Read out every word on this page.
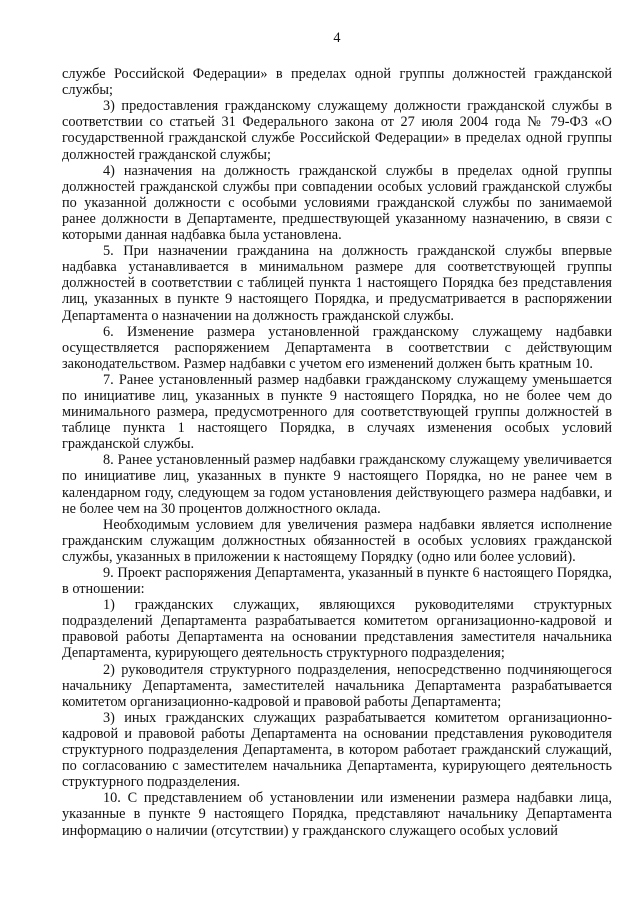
4

службе Российской Федерации» в пределах одной группы должностей гражданской службы;

3) предоставления гражданскому служащему должности гражданской службы в соответствии со статьей 31 Федерального закона от 27 июля 2004 года № 79-ФЗ «О государственной гражданской службе Российской Федерации» в пределах одной группы должностей гражданской службы;

4) назначения на должность гражданской службы в пределах одной группы должностей гражданской службы при совпадении особых условий гражданской службы по указанной должности с особыми условиями гражданской службы по занимаемой ранее должности в Департаменте, предшествующей указанному назначению, в связи с которыми данная надбавка была установлена.

5. При назначении гражданина на должность гражданской службы впервые надбавка устанавливается в минимальном размере для соответствующей группы должностей в соответствии с таблицей пункта 1 настоящего Порядка без представления лиц, указанных в пункте 9 настоящего Порядка, и предусматривается в распоряжении Департамента о назначении на должность гражданской службы.

6. Изменение размера установленной гражданскому служащему надбавки осуществляется распоряжением Департамента в соответствии с действующим законодательством. Размер надбавки с учетом его изменений должен быть кратным 10.

7. Ранее установленный размер надбавки гражданскому служащему уменьшается по инициативе лиц, указанных в пункте 9 настоящего Порядка, но не более чем до минимального размера, предусмотренного для соответствующей группы должностей в таблице пункта 1 настоящего Порядка, в случаях изменения особых условий гражданской службы.

8. Ранее установленный размер надбавки гражданскому служащему увеличивается по инициативе лиц, указанных в пункте 9 настоящего Порядка, но не ранее чем в календарном году, следующем за годом установления действующего размера надбавки, и не более чем на 30 процентов должностного оклада.

Необходимым условием для увеличения размера надбавки является исполнение гражданским служащим должностных обязанностей в особых условиях гражданской службы, указанных в приложении к настоящему Порядку (одно или более условий).

9. Проект распоряжения Департамента, указанный в пункте 6 настоящего Порядка, в отношении:

1) гражданских служащих, являющихся руководителями структурных подразделений Департамента разрабатывается комитетом организационно-кадровой и правовой работы Департамента на основании представления заместителя начальника Департамента, курирующего деятельность структурного подразделения;

2) руководителя структурного подразделения, непосредственно подчиняющегося начальнику Департамента, заместителей начальника Департамента разрабатывается комитетом организационно-кадровой и правовой работы Департамента;

3) иных гражданских служащих разрабатывается комитетом организационно-кадровой и правовой работы Департамента на основании представления руководителя структурного подразделения Департамента, в котором работает гражданский служащий, по согласованию с заместителем начальника Департамента, курирующего деятельность структурного подразделения.

10. С представлением об установлении или изменении размера надбавки лица, указанные в пункте 9 настоящего Порядка, представляют начальнику Департамента информацию о наличии (отсутствии) у гражданского служащего особых условий
